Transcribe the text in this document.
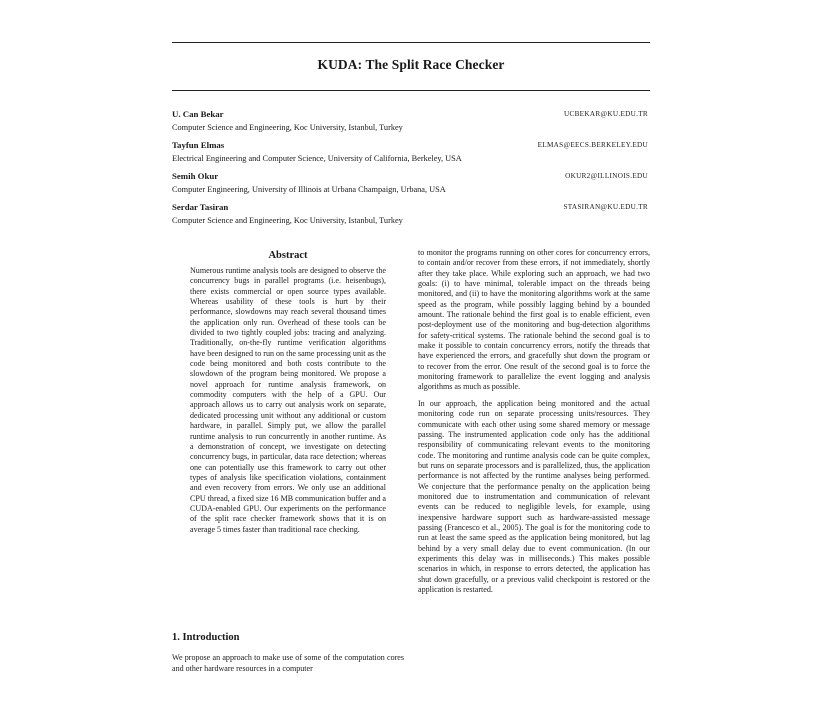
KUDA: The Split Race Checker
U. Can Bekar	UCBEKAR@KU.EDU.TR
Computer Science and Engineering, Koc University, Istanbul, Turkey
Tayfun Elmas	ELMAS@EECS.BERKELEY.EDU
Electrical Engineering and Computer Science, University of California, Berkeley, USA
Semih Okur	OKUR2@ILLINOIS.EDU
Computer Engineering, University of Illinois at Urbana Champaign, Urbana, USA
Serdar Tasiran	STASIRAN@KU.EDU.TR
Computer Science and Engineering, Koc University, Istanbul, Turkey
Abstract

Numerous runtime analysis tools are designed to observe the concurrency bugs in parallel programs (i.e. heisenbugs), there exists commercial or open source types available. Whereas usability of these tools is hurt by their performance, slowdowns may reach several thousand times the application only run. Overhead of these tools can be divided to two tightly coupled jobs: tracing and analyzing. Traditionally, on-the-fly runtime verification algorithms have been designed to run on the same processing unit as the code being monitored and both costs contribute to the slowdown of the program being monitored. We propose a novel approach for runtime analysis framework, on commodity computers with the help of a GPU. Our approach allows us to carry out analysis work on separate, dedicated processing unit without any additional or custom hardware, in parallel. Simply put, we allow the parallel runtime analysis to run concurrently in another runtime. As a demonstration of concept, we investigate on detecting concurrency bugs, in particular, data race detection; whereas one can potentially use this framework to carry out other types of analysis like specification violations, containment and even recovery from errors. We only use an additional CPU thread, a fixed size 16 MB communication buffer and a CUDA-enabled GPU. Our experiments on the performance of the split race checker framework shows that it is on average 5 times faster than traditional race checking.

1. Introduction

We propose an approach to make use of some of the computation cores and other hardware resources in a computer

to monitor the programs running on other cores for concurrency errors, to contain and/or recover from these errors, if not immediately, shortly after they take place. While exploring such an approach, we had two goals: (i) to have minimal, tolerable impact on the threads being monitored, and (ii) to have the monitoring algorithms work at the same speed as the program, while possibly lagging behind by a bounded amount. The rationale behind the first goal is to enable efficient, even post-deployment use of the monitoring and bug-detection algorithms for safety-critical systems. The rationale behind the second goal is to make it possible to contain concurrency errors, notify the threads that have experienced the errors, and gracefully shut down the program or to recover from the error. One result of the second goal is to force the monitoring framework to parallelize the event logging and analysis algorithms as much as possible.

In our approach, the application being monitored and the actual monitoring code run on separate processing units/resources. They communicate with each other using some shared memory or message passing. The instrumented application code only has the additional responsibility of communicating relevant events to the monitoring code. The monitoring and runtime analysis code can be quite complex, but runs on separate processors and is parallelized, thus, the application performance is not affected by the runtime analyses being performed. We conjecture that the performance penalty on the application being monitored due to instrumentation and communication of relevant events can be reduced to negligible levels, for example, using inexpensive hardware support such as hardware-assisted message passing (Francesco et al., 2005). The goal is for the monitoring code to run at least the same speed as the application being monitored, but lag behind by a very small delay due to event communication. (In our experiments this delay was in milliseconds.) This makes possible scenarios in which, in response to errors detected, the application has shut down gracefully, or a previous valid checkpoint is restored or the application is restarted.
